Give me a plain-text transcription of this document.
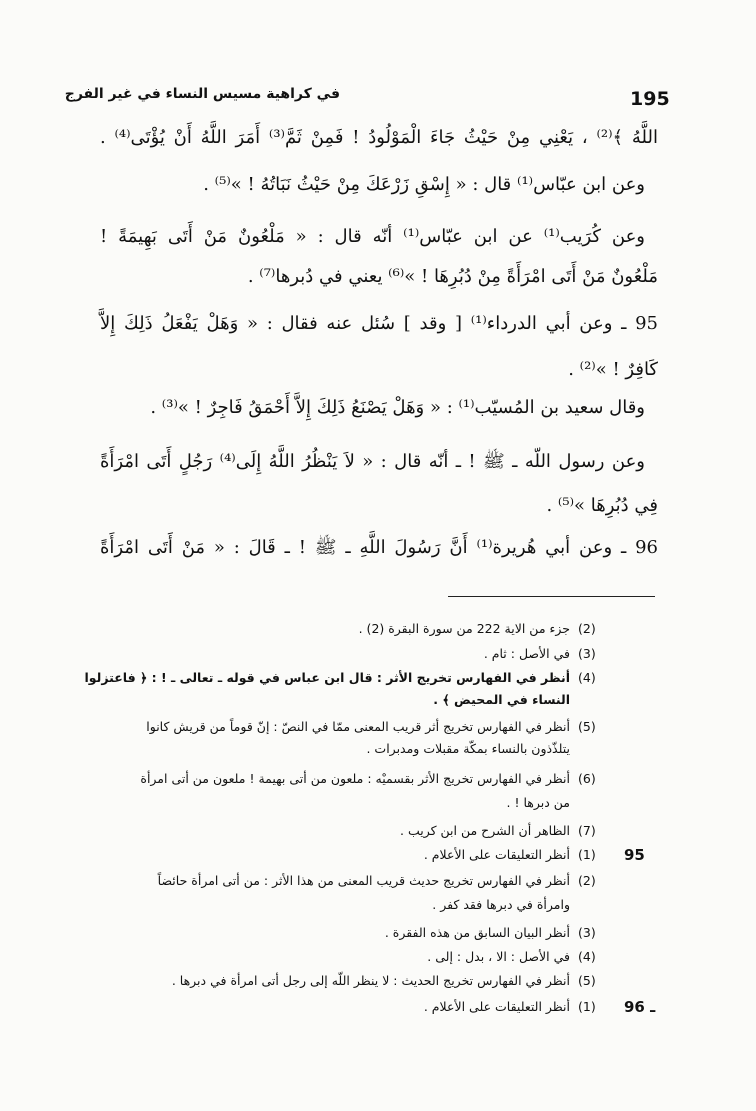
195
في كراهية مسيس النساء في غير الفرج
اللَّهُ ﴾⁽²⁾ ، يَعْنِي مِنْ حَيْثُ جَاءَ الْمَوْلُودُ ! فَمِنْ ثَمَّ⁽³⁾ أَمَرَ اللَّهُ أَنْ يُؤْتَى⁽⁴⁾ .
وعن ابن عبّاس⁽¹⁾ قال : « إِسْقِ زَرْعَكَ مِنْ حَيْثُ نَبَاتُهُ ! »⁽⁵⁾ .
وعن كُرَيب⁽¹⁾ عن ابن عبّاس⁽¹⁾ أنّه قال : « مَلْعُونٌ مَنْ أَتَى بَهِيمَةً !
مَلْعُونٌ مَنْ أَتَى امْرَأَةً مِنْ دُبُرِهَا ! »⁽⁶⁾ يعني في دُبرها⁽⁷⁾ .
95 ـ وعن أبي الدرداء⁽¹⁾ [ وقد ] سُئل عنه فقال : « وَهَلْ يَفْعَلُ ذَلِكَ إِلاَّ
كَافِرٌ ! »⁽²⁾ .
وقال سعيد بن المُسيّب⁽¹⁾ : « وَهَلْ يَصْنَعُ ذَلِكَ إِلاَّ أَحْمَقُ فَاجِرٌ ! »⁽³⁾ .
وعن رسول اللّه ـ ﷺ ! ـ أنّه قال : « لاَ يَنْظُرُ اللَّهُ إِلَى⁽⁴⁾ رَجُلٍ أَتَى امْرَأَةً
فِي دُبُرِهَا »⁽⁵⁾ .
96 ـ وعن أبي هُريرة⁽¹⁾ أَنَّ رَسُولَ اللَّهِ ـ ﷺ ! ـ قَالَ : « مَنْ أَتَى امْرَأَةً
(2)
جزء من الاية 222 من سورة البقرة (2) .
(3)
في الأصل : ثام .
(4)
أنظر في الفهارس تخريج الأثر : قال ابن عباس في قوله ـ تعالى ـ ! : ﴿ فاعتزلوا
النساء في المحيض ﴾ .
(5)
أنظر في الفهارس تخريج أثر قريب المعنى ممّا في النصّ : إنّ قوماً من قريش كانوا
يتلذّذون بالنساء بمكّة مقبلات ومدبرات .
(6)
أنظر في الفهارس تخريج الأثر بقسميْه : ملعون من أتى بهيمة ! ملعون من أتى امرأة
من دبرها ! .
(7)
الظاهر أن الشرح من ابن كريب .
95
(1)
أنظر التعليقات على الأعلام .
(2)
أنظر في الفهارس تخريج حديث قريب المعنى من هذا الأثر : من أتى امرأة حائضاً
وامرأة في دبرها فقد كفر .
(3)
أنظر البيان السابق من هذه الفقرة .
(4)
في الأصل : الا ، بدل : إلى .
(5)
أنظر في الفهارس تخريج الحديث : لا ينظر اللّه إلى رجل أتى امرأة في دبرها .
96 ـ
(1)
أنظر التعليقات على الأعلام .
